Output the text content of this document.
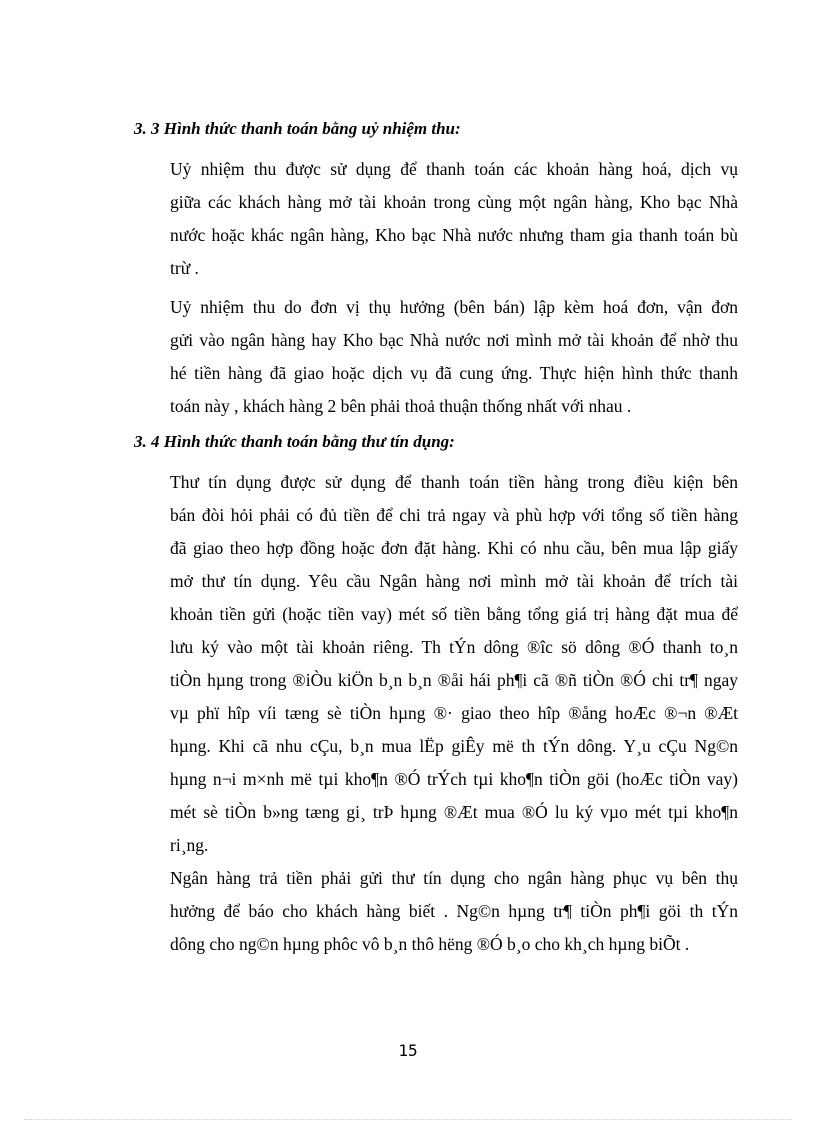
3. 3 Hình thức thanh toán bằng uỷ nhiệm thu:
Uỷ nhiệm thu được sử dụng để thanh toán các khoản hàng hoá, dịch vụ
giữa các khách hàng mở tài khoản trong cùng một ngân hàng, Kho bạc Nhà
nước hoặc khác ngân hàng, Kho bạc Nhà nước nhưng tham gia thanh toán bù
trừ .
Uỷ nhiệm thu do đơn vị thụ hưởng (bên bán) lập kèm hoá đơn, vận đơn
gửi vào ngân hàng hay Kho bạc Nhà nước nơi mình mở tài khoản để nhờ thu
hé tiền hàng đã giao hoặc dịch vụ đã cung ứng. Thực hiện hình thức thanh
toán này , khách hàng 2 bên phải thoả thuận thống nhất với nhau .
3. 4 Hình thức thanh toán bằng thư tín dụng:
Thư tín dụng được sử dụng để thanh toán tiền hàng trong điều kiện bên
bán đòi hỏi phải có đủ tiền để chi trả ngay và phù hợp với tổng số tiền hàng
đã giao theo hợp đồng hoặc đơn đặt hàng. Khi có nhu cầu, bên mua lập giấy
mở thư tín dụng. Yêu cầu Ngân hàng nơi mình mở tài khoản để trích tài
khoản tiền gửi (hoặc tiền vay) mét số tiền bằng tổng giá trị hàng đặt mua để
lưu ký vào một tài khoản riêng. Th tÝn dông ®îc sö dông ®Ó thanh to¸n
tiÒn hµng trong ®iÒu kiÖn b¸n b¸n ®åi hái ph¶i cã ®ñ tiÒn ®Ó chi tr¶ ngay
vµ phï hîp víi tæng sè tiÒn hµng ®· giao theo hîp ®ång hoÆc ®¬n ®Æt
hµng. Khi cã nhu cÇu, b¸n mua lËp giÊy më th tÝn dông. Y¸u cÇu Ng©n
hµng n¬i m×nh më tµi kho¶n ®Ó trÝch tµi kho¶n tiÒn göi (hoÆc tiÒn vay)
mét sè tiÒn b»ng tæng gi¸ trÞ hµng ®Æt mua ®Ó lu ký vµo mét tµi kho¶n
ri¸ng.
Ngân hàng trả tiền phải gửi thư tín dụng cho ngân hàng phục vụ bên thụ
hưởng để báo cho khách hàng biết . Ng©n hµng tr¶ tiÒn ph¶i göi th tÝn
dông cho ng©n hµng phôc vô b¸n thô hëng ®Ó b¸o cho kh¸ch hµng biÕt .
15
